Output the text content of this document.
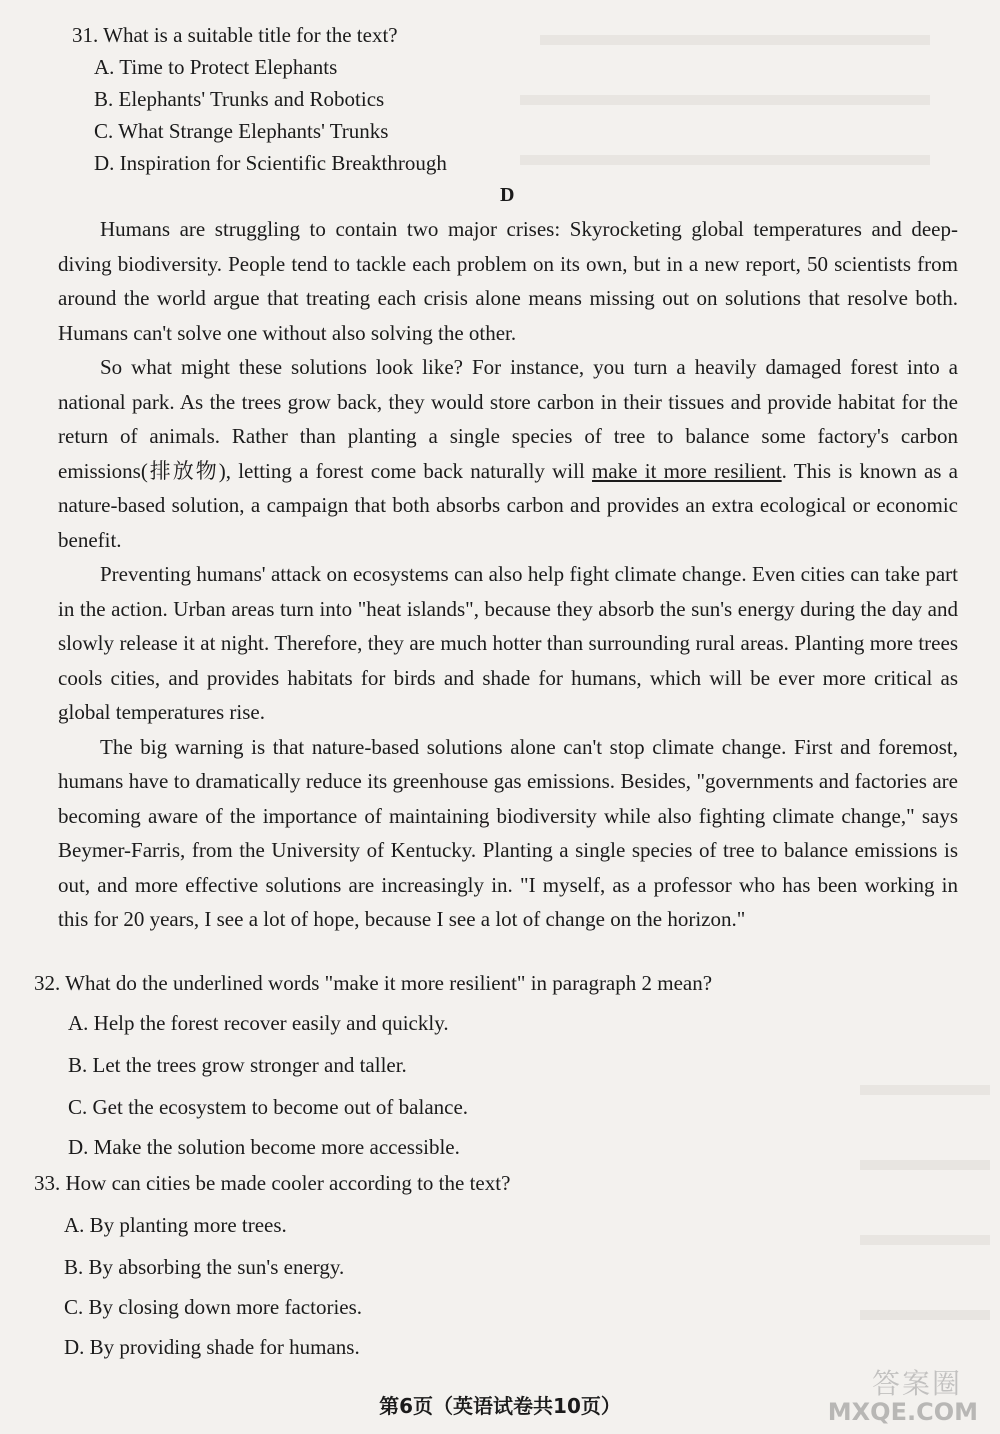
31. What is a suitable title for the text?
A. Time to Protect Elephants
B. Elephants' Trunks and Robotics
C. What Strange Elephants' Trunks
D. Inspiration for Scientific Breakthrough
D

Humans are struggling to contain two major crises: Skyrocketing global temperatures and deep-diving biodiversity. People tend to tackle each problem on its own, but in a new report, 50 scientists from around the world argue that treating each crisis alone means missing out on solutions that resolve both. Humans can't solve one without also solving the other.

So what might these solutions look like? For instance, you turn a heavily damaged forest into a national park. As the trees grow back, they would store carbon in their tissues and provide habitat for the return of animals. Rather than planting a single species of tree to balance some factory's carbon emissions(排放物), letting a forest come back naturally will make it more resilient. This is known as a nature-based solution, a campaign that both absorbs carbon and provides an extra ecological or economic benefit.

Preventing humans' attack on ecosystems can also help fight climate change. Even cities can take part in the action. Urban areas turn into "heat islands", because they absorb the sun's energy during the day and slowly release it at night. Therefore, they are much hotter than surrounding rural areas. Planting more trees cools cities, and provides habitats for birds and shade for humans, which will be ever more critical as global temperatures rise.

The big warning is that nature-based solutions alone can't stop climate change. First and foremost, humans have to dramatically reduce its greenhouse gas emissions. Besides, "governments and factories are becoming aware of the importance of maintaining biodiversity while also fighting climate change," says Beymer-Farris, from the University of Kentucky. Planting a single species of tree to balance emissions is out, and more effective solutions are increasingly in. "I myself, as a professor who has been working in this for 20 years, I see a lot of hope, because I see a lot of change on the horizon."

32. What do the underlined words "make it more resilient" in paragraph 2 mean?
A. Help the forest recover easily and quickly.
B. Let the trees grow stronger and taller.
C. Get the ecosystem to become out of balance.
D. Make the solution become more accessible.
33. How can cities be made cooler according to the text?
A. By planting more trees.
B. By absorbing the sun's energy.
C. By closing down more factories.
D. By providing shade for humans.
第6页（英语试卷共10页）
答案圈
MXQE.COM
